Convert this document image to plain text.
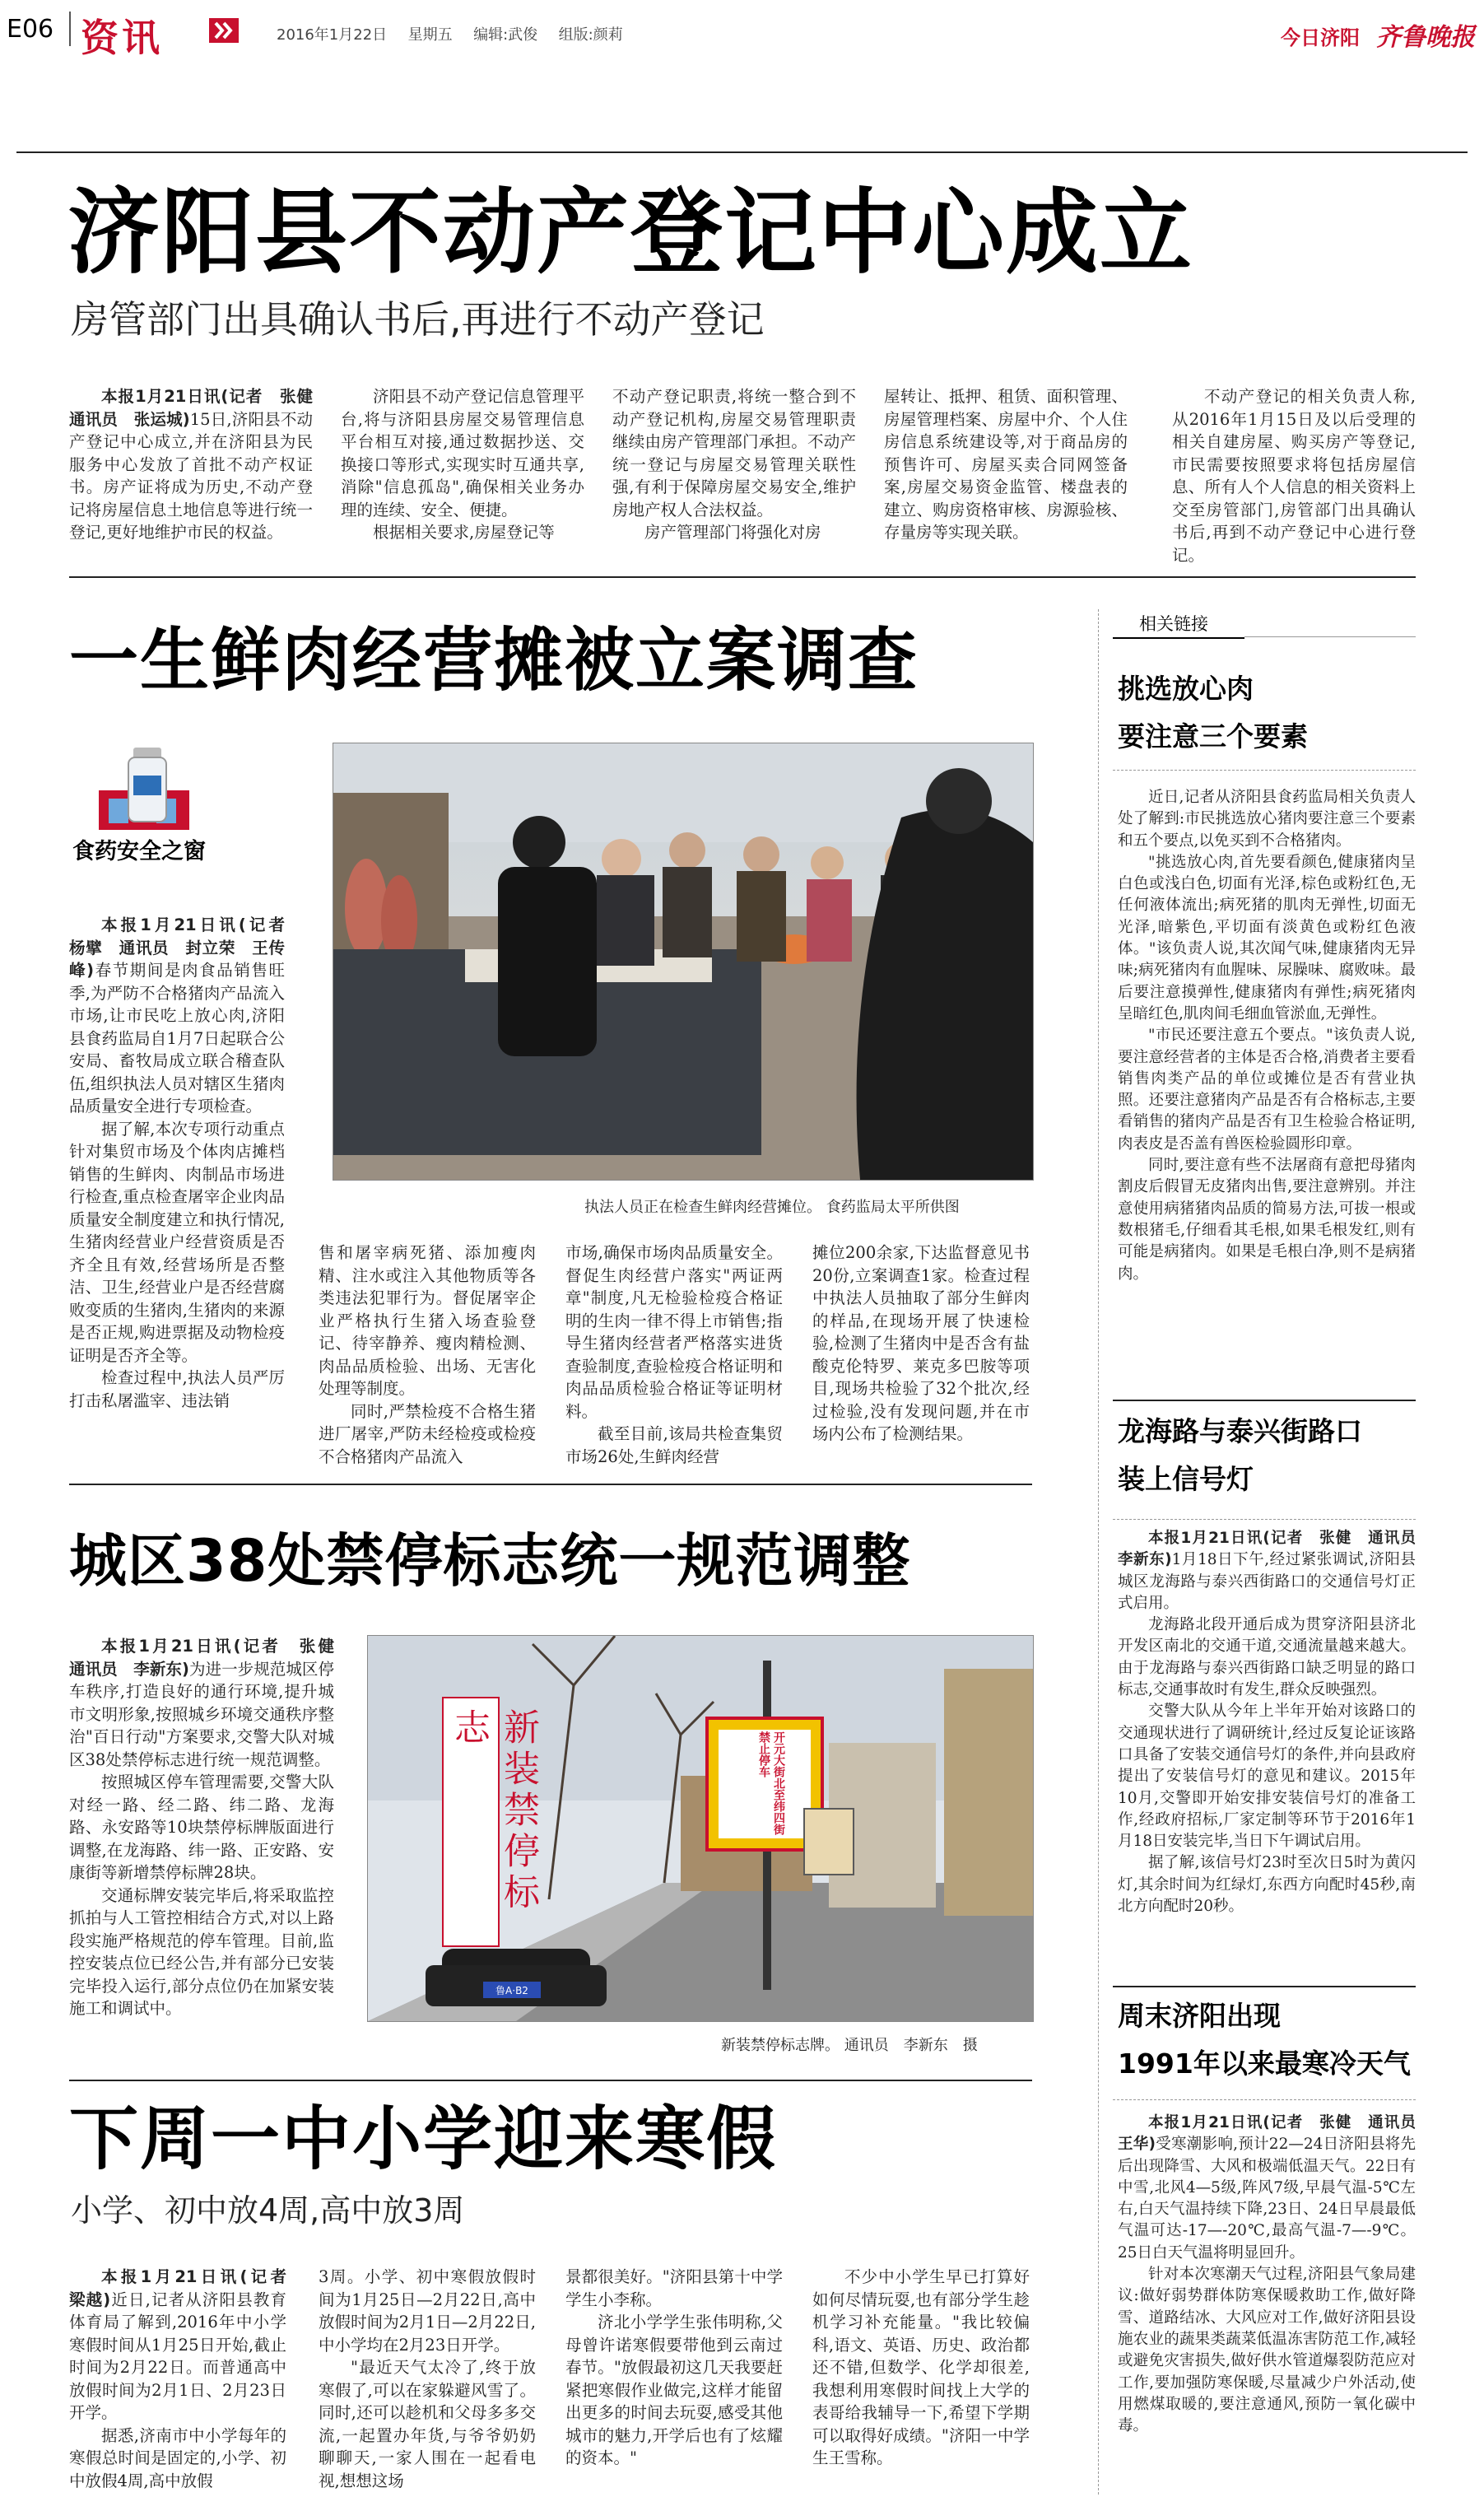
E06 资讯	2016年1月22日 星期五 编辑:武俊 组版:颜莉	今日济阳 齐鲁晚报
济阳县不动产登记中心成立
房管部门出具确认书后,再进行不动产登记

本报1月21日讯(记者　张健　通讯员　张运城)15日,济阳县不动产登记中心成立,并在济阳县为民服务中心发放了首批不动产权证书。房产证将成为历史,不动产登记将房屋信息土地信息等进行统一登记,更好地维护市民的权益。

济阳县不动产登记信息管理平台,将与济阳县房屋交易管理信息平台相互对接,通过数据抄送、交换接口等形式,实现实时互通共享,消除"信息孤岛",确保相关业务办理的连续、安全、便捷。

根据相关要求,房屋登记等

不动产登记职责,将统一整合到不动产登记机构,房屋交易管理职责继续由房产管理部门承担。不动产统一登记与房屋交易管理关联性强,有利于保障房屋交易安全,维护房地产权人合法权益。

房产管理部门将强化对房

屋转让、抵押、租赁、面积管理、房屋管理档案、房屋中介、个人住房信息系统建设等,对于商品房的预售许可、房屋买卖合同网签备案,房屋交易资金监管、楼盘表的建立、购房资格审核、房源验核、存量房等实现关联。

不动产登记的相关负责人称,从2016年1月15日及以后受理的相关自建房屋、购买房产等登记,市民需要按照要求将包括房屋信息、所有人个人信息的相关资料上交至房管部门,房管部门出具确认书后,再到不动产登记中心进行登记。

相关链接
挑选放心肉
要注意三个要素

近日,记者从济阳县食药监局相关负责人处了解到:市民挑选放心猪肉要注意三个要素和五个要点,以免买到不合格猪肉。

"挑选放心肉,首先要看颜色,健康猪肉呈白色或浅白色,切面有光泽,棕色或粉红色,无任何液体流出;病死猪的肌肉无弹性,切面无光泽,暗紫色,平切面有淡黄色或粉红色液体。"该负责人说,其次闻气味,健康猪肉无异味;病死猪肉有血腥味、尿臊味、腐败味。最后要注意摸弹性,健康猪肉有弹性;病死猪肉呈暗红色,肌肉间毛细血管淤血,无弹性。

"市民还要注意五个要点。"该负责人说,要注意经营者的主体是否合格,消费者主要看销售肉类产品的单位或摊位是否有营业执照。还要注意猪肉产品是否有合格标志,主要看销售的猪肉产品是否有卫生检验合格证明,肉表皮是否盖有兽医检验圆形印章。

同时,要注意有些不法屠商有意把母猪肉割皮后假冒无皮猪肉出售,要注意辨别。并注意使用病猪猪肉品质的简易方法,可拔一根或数根猪毛,仔细看其毛根,如果毛根发红,则有可能是病猪肉。如果是毛根白净,则不是病猪肉。

龙海路与泰兴街路口
装上信号灯

本报1月21日讯(记者　张健　通讯员　李新东)1月18日下午,经过紧张调试,济阳县城区龙海路与泰兴西街路口的交通信号灯正式启用。

龙海路北段开通后成为贯穿济阳县济北开发区南北的交通干道,交通流量越来越大。由于龙海路与泰兴西街路口缺乏明显的路口标志,交通事故时有发生,群众反映强烈。

交警大队从今年上半年开始对该路口的交通现状进行了调研统计,经过反复论证该路口具备了安装交通信号灯的条件,并向县政府提出了安装信号灯的意见和建议。2015年10月,交警即开始安排安装信号灯的准备工作,经政府招标,厂家定制等环节于2016年1月18日安装完毕,当日下午调试启用。

据了解,该信号灯23时至次日5时为黄闪灯,其余时间为红绿灯,东西方向配时45秒,南北方向配时20秒。

周末济阳出现
1991年以来最寒冷天气

本报1月21日讯(记者　张健　通讯员　王华)受寒潮影响,预计22—24日济阳县将先后出现降雪、大风和极端低温天气。22日有中雪,北风4—5级,阵风7级,早晨气温-5℃左右,白天气温持续下降,23日、24日早晨最低气温可达-17—-20℃,最高气温-7—-9℃。25日白天气温将明显回升。

针对本次寒潮天气过程,济阳县气象局建议:做好弱势群体防寒保暖救助工作,做好降雪、道路结冰、大风应对工作,做好济阳县设施农业的蔬果类蔬菜低温冻害防范工作,减轻或避免灾害损失,做好供水管道爆裂防范应对工作,要加强防寒保暖,尽量减少户外活动,使用燃煤取暖的,要注意通风,预防一氧化碳中毒。

一生鲜肉经营摊被立案调查
食药安全之窗

本报1月21日讯(记者　杨擘　通讯员　封立荣　王传峰)春节期间是肉食品销售旺季,为严防不合格猪肉产品流入市场,让市民吃上放心肉,济阳县食药监局自1月7日起联合公安局、畜牧局成立联合稽查队伍,组织执法人员对辖区生猪肉品质量安全进行专项检查。

据了解,本次专项行动重点针对集贸市场及个体肉店摊档销售的生鲜肉、肉制品市场进行检查,重点检查屠宰企业肉品质量安全制度建立和执行情况,生猪肉经营业户经营资质是否齐全且有效,经营场所是否整洁、卫生,经营业户是否经营腐败变质的生猪肉,生猪肉的来源是否正规,购进票据及动物检疫证明是否齐全等。

检查过程中,执法人员严厉打击私屠滥宰、违法销

执法人员正在检查生鲜肉经营摊位。 食药监局太平所供图

售和屠宰病死猪、添加瘦肉精、注水或注入其他物质等各类违法犯罪行为。督促屠宰企业严格执行生猪入场查验登记、待宰静养、瘦肉精检测、肉品品质检验、出场、无害化处理等制度。

同时,严禁检疫不合格生猪进厂屠宰,严防未经检疫或检疫不合格猪肉产品流入

市场,确保市场肉品质量安全。督促生肉经营户落实"两证两章"制度,凡无检验检疫合格证明的生肉一律不得上市销售;指导生猪肉经营者严格落实进货查验制度,查验检疫合格证明和肉品品质检验合格证等证明材料。

截至目前,该局共检查集贸市场26处,生鲜肉经营

摊位200余家,下达监督意见书20份,立案调查1家。检查过程中执法人员抽取了部分生鲜肉的样品,在现场开展了快速检验,检测了生猪肉中是否含有盐酸克伦特罗、莱克多巴胺等项目,现场共检验了32个批次,经过检验,没有发现问题,并在市场内公布了检测结果。

城区38处禁停标志统一规范调整

本报1月21日讯(记者　张健　通讯员　李新东)为进一步规范城区停车秩序,打造良好的通行环境,提升城市文明形象,按照城乡环境交通秩序整治"百日行动"方案要求,交警大队对城区38处禁停标志进行统一规范调整。

按照城区停车管理需要,交警大队对经一路、经二路、纬二路、龙海路、永安路等10块禁停标牌版面进行调整,在龙海路、纬一路、正安路、安康街等新增禁停标牌28块。

交通标牌安装完毕后,将采取监控抓拍与人工管控相结合方式,对以上路段实施严格规范的停车管理。目前,监控安装点位已经公告,并有部分已安装完毕投入运行,部分点位仍在加紧安装施工和调试中。

鲁A·B2
新装禁停标志
开元大街北至纬四街禁止停车
新装禁停标志牌。 通讯员　李新东　摄
下周一中小学迎来寒假
小学、初中放4周,高中放3周

本报1月21日讯(记者　梁越)近日,记者从济阳县教育体育局了解到,2016年中小学寒假时间从1月25日开始,截止时间为2月22日。而普通高中放假时间为2月1日、2月23日开学。

据悉,济南市中小学每年的寒假总时间是固定的,小学、初中放假4周,高中放假

3周。小学、初中寒假放假时间为1月25日—2月22日,高中放假时间为2月1日—2月22日,中小学均在2月23日开学。

"最近天气太冷了,终于放寒假了,可以在家躲避风雪了。同时,还可以趁机和父母多多交流,一起置办年货,与爷爷奶奶聊聊天,一家人围在一起看电视,想想这场

景都很美好。"济阳县第十中学学生小李称。

济北小学学生张伟明称,父母曾许诺寒假要带他到云南过春节。"放假最初这几天我要赶紧把寒假作业做完,这样才能留出更多的时间去玩耍,感受其他城市的魅力,开学后也有了炫耀的资本。"

不少中小学生早已打算好如何尽情玩耍,也有部分学生趁机学习补充能量。"我比较偏科,语文、英语、历史、政治都还不错,但数学、化学却很差,我想利用寒假时间找上大学的表哥给我辅导一下,希望下学期可以取得好成绩。"济阳一中学生王雪称。
